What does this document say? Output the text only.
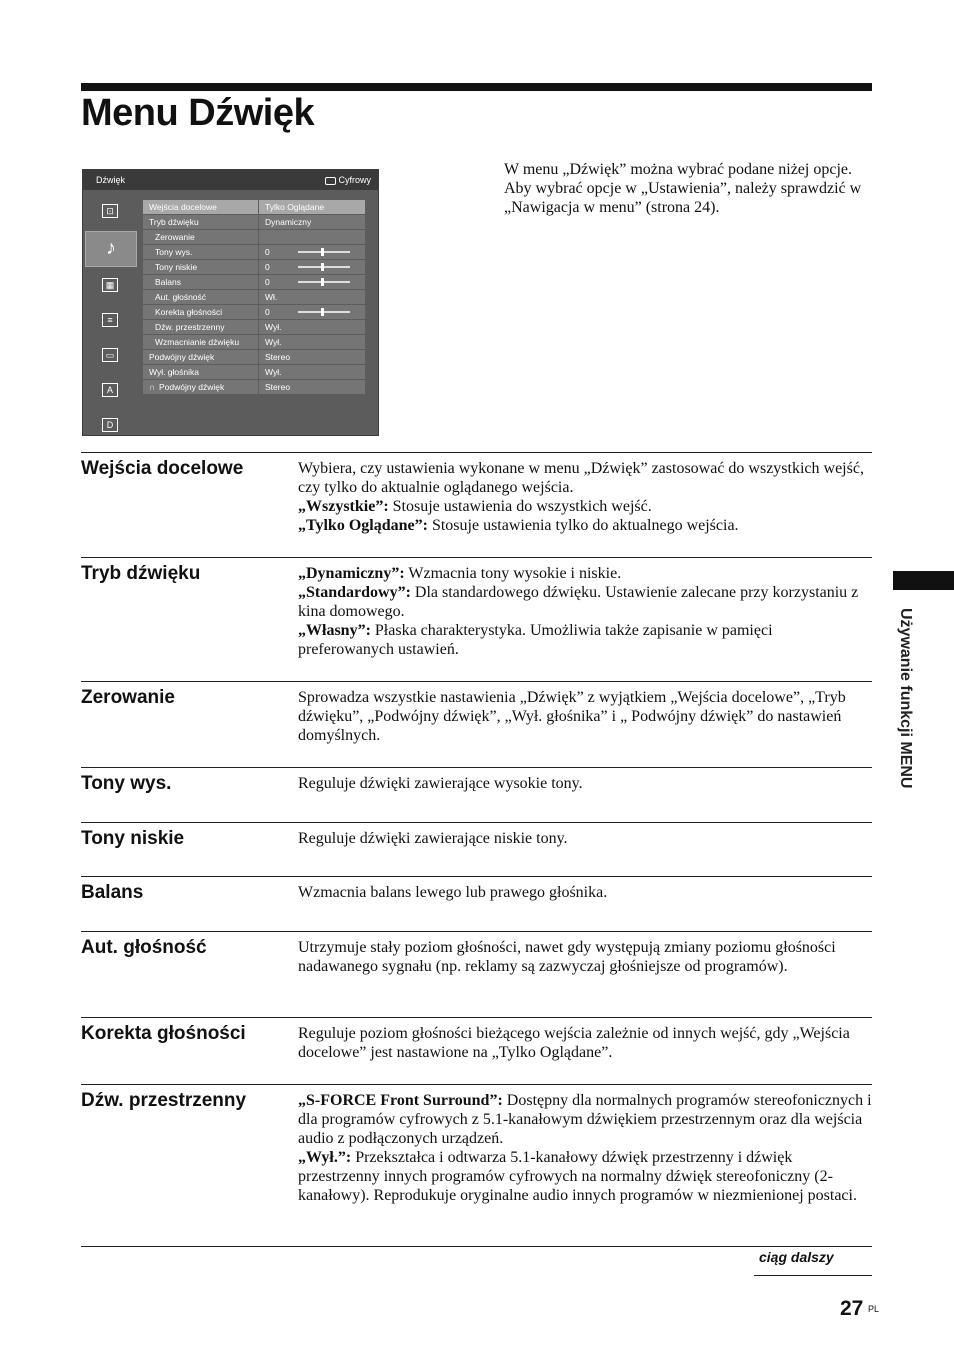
Menu Dźwięk

W menu „Dźwięk” można wybrać podane niżej opcje. Aby wybrać opcje w „Ustawienia”, należy sprawdzić w „Nawigacja w menu” (strona 24).

Dźwięk	Cyfrowy
⊡
♪
▦
≡
▭
A
D
Wejścia docelowe	Tylko Oglądane
Tryb dźwięku	Dynamiczny
Zerowanie
Tony wys.	0
Tony niskie	0
Balans	0
Aut. głośność	Wł.
Korekta głośności	0
Dźw. przestrzenny	Wył.
Wzmacnianie dźwięku	Wył.
Podwójny dźwięk	Stereo
Wył. głośnika	Wył.
∩ Podwójny dźwięk	Stereo
Wejścia docelowe	Wybiera, czy ustawienia wykonane w menu „Dźwięk” zastosować do wszystkich wejść, czy tylko do aktualnie oglądanego wejścia.

„Wszystkie”: Stosuje ustawienia do wszystkich wejść.

„Tylko Oglądane”: Stosuje ustawienia tylko do aktualnego wejścia.

Tryb dźwięku	„Dynamiczny”: Wzmacnia tony wysokie i niskie.

„Standardowy”: Dla standardowego dźwięku. Ustawienie zalecane przy korzystaniu z kina domowego.

„Własny”: Płaska charakterystyka. Umożliwia także zapisanie w pamięci preferowanych ustawień.

Zerowanie	Sprowadza wszystkie nastawienia „Dźwięk” z wyjątkiem „Wejścia docelowe”, „Tryb dźwięku”, „Podwójny dźwięk”, „Wył. głośnika” i „ Podwójny dźwięk” do nastawień domyślnych.

Tony wys.	Reguluje dźwięki zawierające wysokie tony.

Tony niskie	Reguluje dźwięki zawierające niskie tony.

Balans	Wzmacnia balans lewego lub prawego głośnika.

Aut. głośność	Utrzymuje stały poziom głośności, nawet gdy występują zmiany poziomu głośności nadawanego sygnału (np. reklamy są zazwyczaj głośniejsze od programów).

Korekta głośności	Reguluje poziom głośności bieżącego wejścia zależnie od innych wejść, gdy „Wejścia docelowe” jest nastawione na „Tylko Oglądane”.

Dźw. przestrzenny	„S-FORCE Front Surround”: Dostępny dla normalnych programów stereofonicznych i dla programów cyfrowych z 5.1-kanałowym dźwiękiem przestrzennym oraz dla wejścia audio z podłączonych urządzeń.

„Wył.”: Przekształca i odtwarza 5.1-kanałowy dźwięk przestrzenny i dźwięk przestrzenny innych programów cyfrowych na normalny dźwięk stereofoniczny (2-kanałowy). Reprodukuje oryginalne audio innych programów w niezmienionej postaci.

ciąg dalszy
27 PL
Używanie funkcji MENU
